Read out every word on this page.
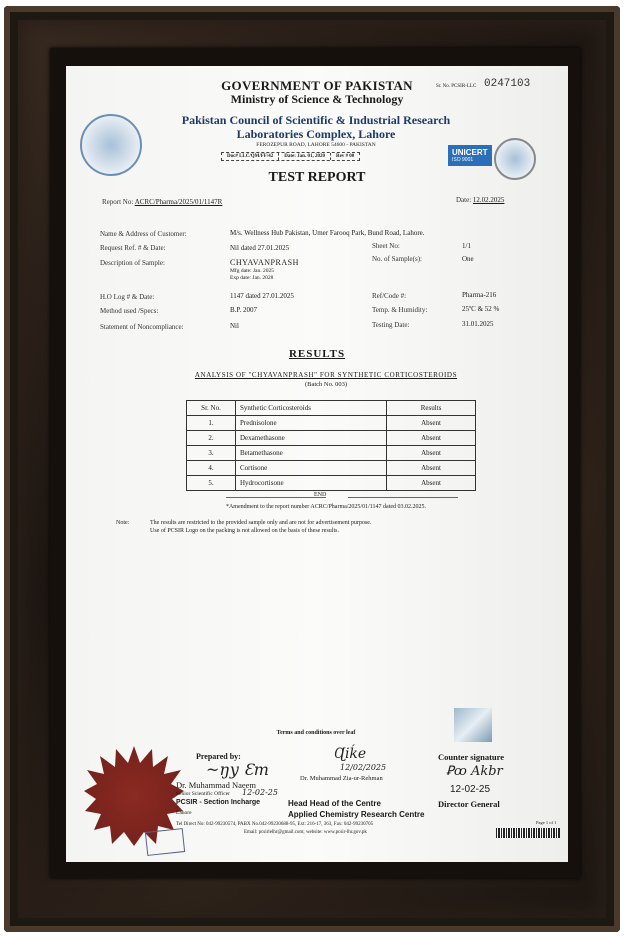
GOVERNMENT OF PAKISTAN
Ministry of Science & Technology
Sr. No. PCSIR-LLC 0247103
Pakistan Council of Scientific & Industrial Research
Laboratories Complex, Lahore
FEROZEPUR ROAD, LAHORE 54600 - PAKISTAN
Doc# LLC/QM/FF/42	Date: Jan. 01, 2020	Rev # 00	UNICERT
ISO 9001
TEST REPORT
Report No: ACRC/Pharma/2025/01/1147R	Date: 12.02.2025
Name & Address of Customer:	M/s. Wellness Hub Pakistan, Umer Farooq Park, Bund Road, Lahore.
Request Ref. # & Date:	Nil dated 27.01.2025	Sheet No:	1/1
Description of Sample:	CHYAVANPRASH
Mfg date: Jan. 2025
Exp date: Jan. 2028
No. of Sample(s):	One
H.O Log # & Date:	1147 dated 27.01.2025	Ref/Code #:	Pharma-216
Method used /Specs:	B.P. 2007	Temp. & Humidity:	25ºC & 52 %
Statement of Noncompliance:	Nil	Testing Date:	31.01.2025
RESULTS
ANALYSIS OF "CHYAVANPRASH" FOR SYNTHETIC CORTICOSTEROIDS
(Batch No. 003)
Sr. No.	Synthetic Corticosteroids	Results
1.	Prednisolone	Absent
2.	Dexamethasone	Absent
3.	Betamethasone	Absent
4.	Cortisone	Absent
5.	Hydrocortisone	Absent
END
*Amendment to the report number ACRC/Pharma/2025/01/1147 dated 03.02.2025.
Note:	The results are restricted to the provided sample only and are not for advertisement purpose.
Use of PCSIR Logo on the packing is not allowed on the basis of these results.
Terms and conditions over leaf
Prepared by:
~ŋy Ɛm
Dr. Muhammad Naeem
12-02-25
Senior Scientific Officer
PCSIR - Section Incharge
Lahore
Ɋiḱe
12/02/2025
Dr. Muhammad Zia-ur-Rehman
Head Head of the Centre
Applied Chemistry Research Centre
Counter signature
Ꝑꝏ Akbr
12-02-25
Director General
Tel Direct No: 042-99230574, PABX No.042-99230688-95, Ext: 216-17, 363, Fax: 042-99230705
Email: pcsirlelhr@gmail.com; website: www.pcsir-lhr.gov.pk
Page 1 of 1
